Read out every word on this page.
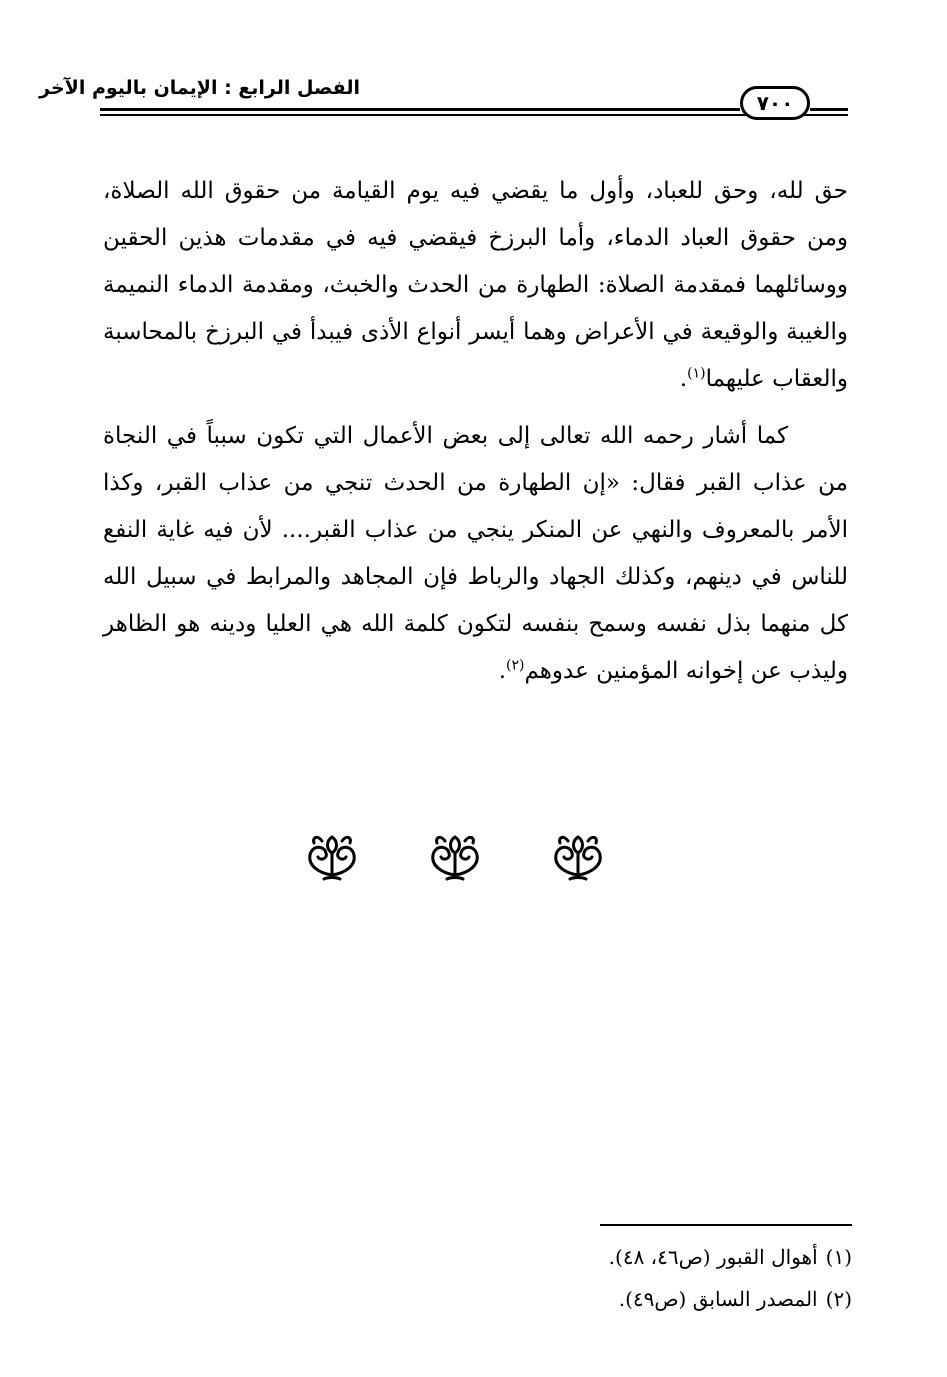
الفصل الرابع : الإيمان باليوم الآخر
٧٠٠

حق لله، وحق للعباد، وأول ما يقضي فيه يوم القيامة من حقوق الله الصلاة، ومن حقوق العباد الدماء، وأما البرزخ فيقضي فيه في مقدمات هذين الحقين ووسائلهما فمقدمة الصلاة: الطهارة من الحدث والخبث، ومقدمة الدماء النميمة والغيبة والوقيعة في الأعراض وهما أيسر أنواع الأذى فيبدأ في البرزخ بالمحاسبة والعقاب عليهما$^{(١)}$.

كما أشار رحمه الله تعالى إلى بعض الأعمال التي تكون سبباً في النجاة من عذاب القبر فقال: «إن الطهارة من الحدث تنجي من عذاب القبر، وكذا الأمر بالمعروف والنهي عن المنكر ينجي من عذاب القبر.... لأن فيه غاية النفع للناس في دينهم، وكذلك الجهاد والرباط فإن المجاهد والمرابط في سبيل الله كل منهما بذل نفسه وسمح بنفسه لتكون كلمة الله هي العليا ودينه هو الظاهر وليذب عن إخوانه المؤمنين عدوهم$^{(٢)}$.

(١)أهوال القبور (ص٤٦، ٤٨).
(٢)المصدر السابق (ص٤٩).
